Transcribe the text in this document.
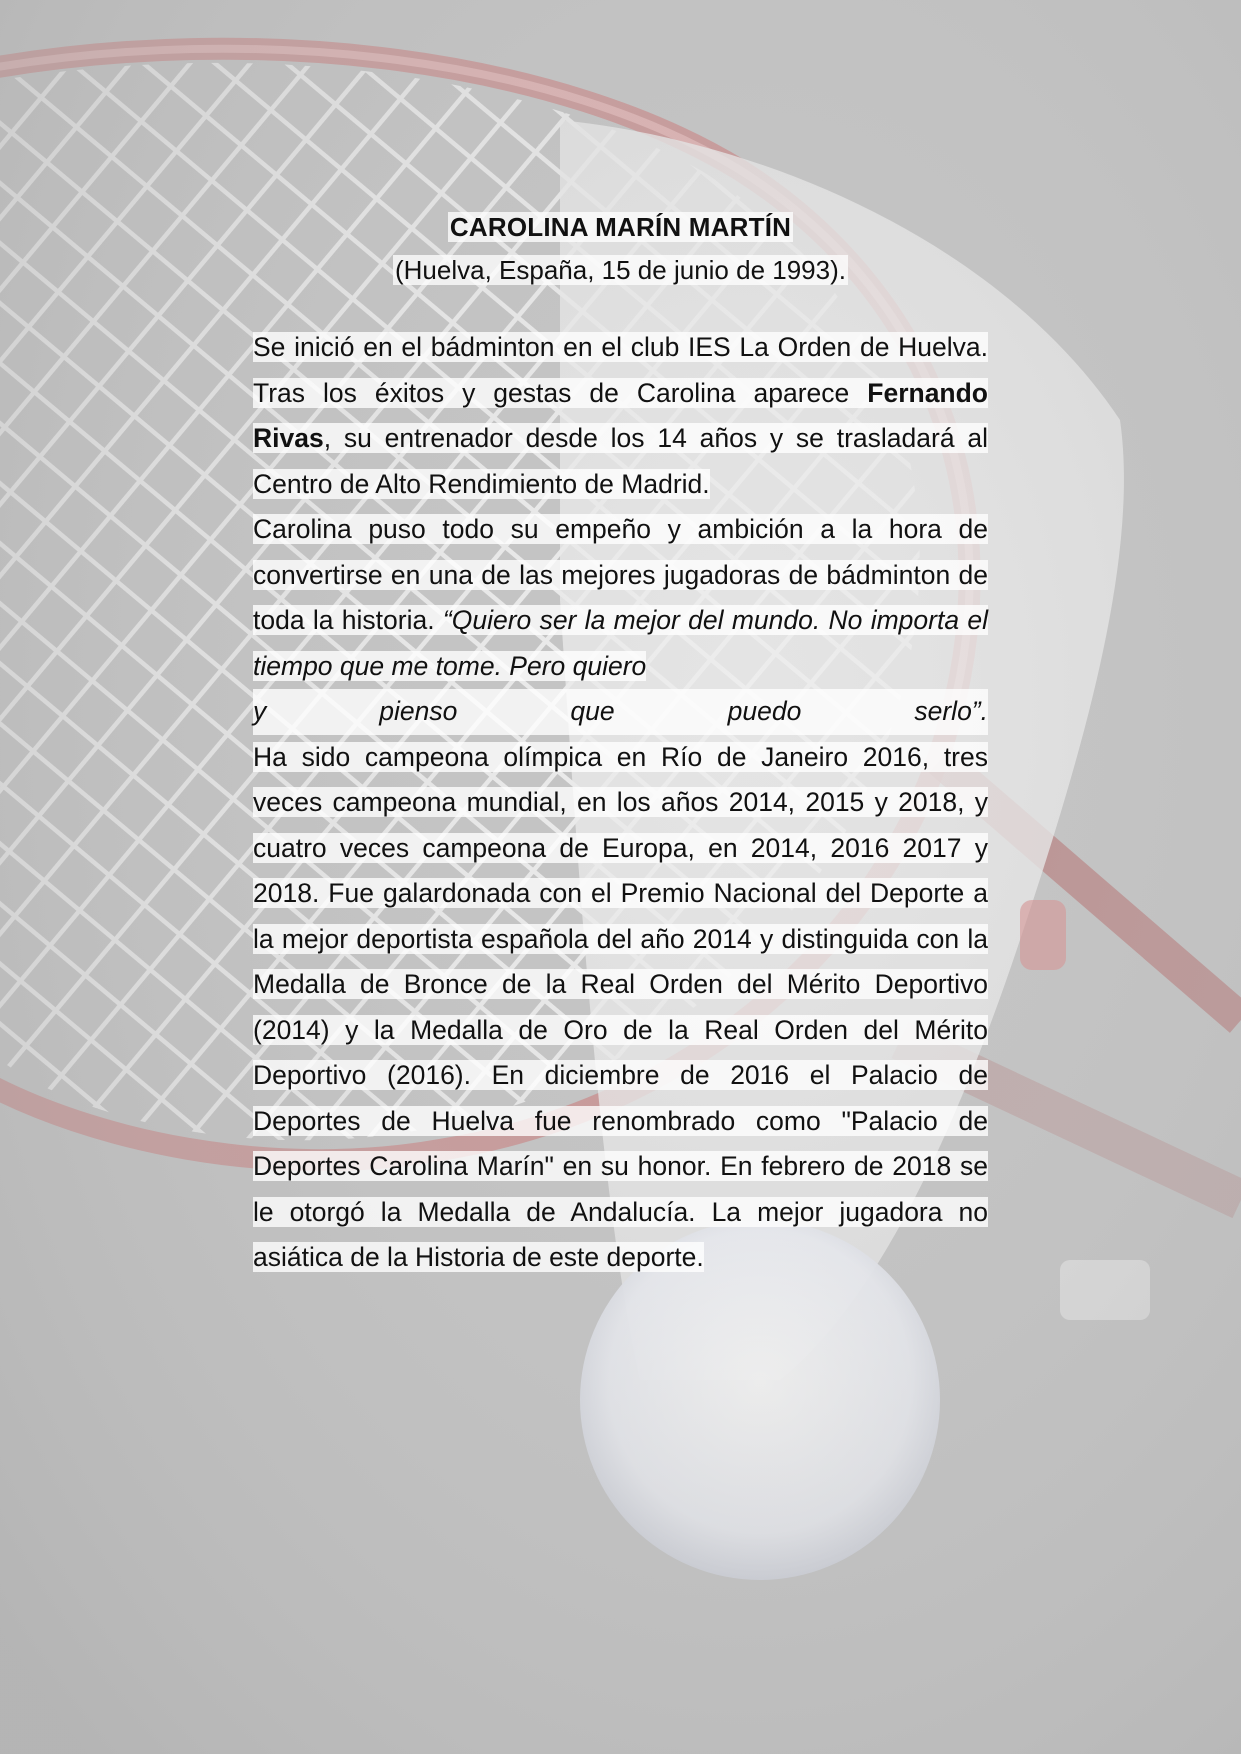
CAROLINA MARÍN MARTÍN

(Huelva, España, 15 de junio de 1993).

Se inició en el bádminton en el club IES La Orden de Huelva. Tras los éxitos y gestas de Carolina aparece Fernando Rivas, su entrenador desde los 14 años y se trasladará al Centro de Alto Rendimiento de Madrid.

Carolina puso todo su empeño y ambición a la hora de convertirse en una de las mejores jugadoras de bádminton de toda la historia. “Quiero ser la mejor del mundo. No importa el tiempo que me tome. Pero quiero
y pienso que puedo serlo”.

Ha sido campeona olímpica en Río de Janeiro 2016, tres veces campeona mundial, en los años 2014, 2015 y 2018, y cuatro veces campeona de Europa, en 2014, 2016 2017 y 2018. Fue galardonada con el Premio Nacional del Deporte a la mejor deportista española del año 2014 y distinguida con la Medalla de Bronce de la Real Orden del Mérito Deportivo (2014) y la Medalla de Oro de la Real Orden del Mérito Deportivo (2016). En diciembre de 2016 el Palacio de Deportes de Huelva fue renombrado como "Palacio de Deportes Carolina Marín" en su honor. En febrero de 2018 se le otorgó la Medalla de Andalucía. La mejor jugadora no asiática de la Historia de este deporte.
